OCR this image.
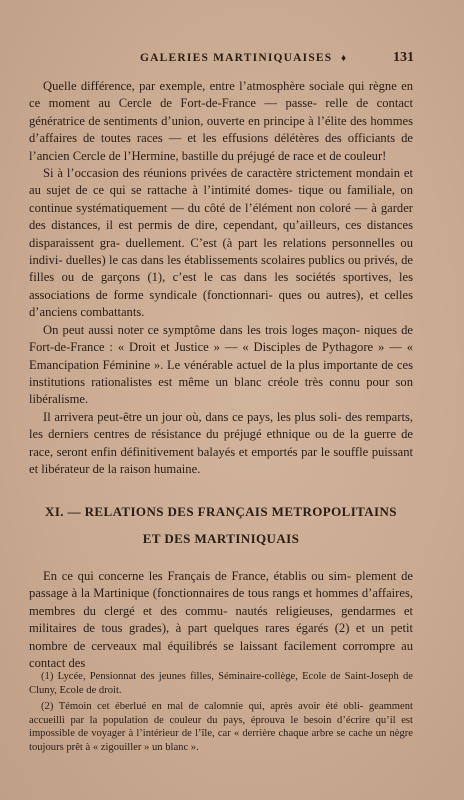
GALERIES MARTINIQUAISES ♦	131

Quelle différence, par exemple, entre l’atmosphère sociale qui règne en ce moment au Cercle de Fort-de-France — passe- relle de contact génératrice de sentiments d’union, ouverte en principe à l’élite des hommes d’affaires de toutes races — et les effusions délétères des officiants de l’ancien Cercle de l’Hermine, bastille du préjugé de race et de couleur!

Si à l’occasion des réunions privées de caractère strictement mondain et au sujet de ce qui se rattache à l’intimité domes- tique ou familiale, on continue systématiquement — du côté de l’élément non coloré — à garder des distances, il est permis de dire, cependant, qu’ailleurs, ces distances disparaissent gra- duellement. C’est (à part les relations personnelles ou indivi- duelles) le cas dans les établissements scolaires publics ou privés, de filles ou de garçons (1), c’est le cas dans les sociétés sportives, les associations de forme syndicale (fonctionnari- ques ou autres), et celles d’anciens combattants.

On peut aussi noter ce symptôme dans les trois loges maçon- niques de Fort-de-France : « Droit et Justice » — « Disciples de Pythagore » — « Emancipation Féminine ». Le vénérable actuel de la plus importante de ces institutions rationalistes est même un blanc créole très connu pour son libéralisme.

Il arrivera peut-être un jour où, dans ce pays, les plus soli- des remparts, les derniers centres de résistance du préjugé ethnique ou de la guerre de race, seront enfin définitivement balayés et emportés par le souffle puissant et libérateur de la raison humaine.

XI. — RELATIONS DES FRANÇAIS METROPOLITAINS
ET DES MARTINIQUAIS

En ce qui concerne les Français de France, établis ou sim- plement de passage à la Martinique (fonctionnaires de tous rangs et hommes d’affaires, membres du clergé et des commu- nautés religieuses, gendarmes et militaires de tous grades), à part quelques rares égarés (2) et un petit nombre de cerveaux mal équilibrés se laissant facilement corrompre au contact des

(1) Lycée, Pensionnat des jeunes filles, Séminaire-collège, Ecole de Saint-Joseph de Cluny, Ecole de droit.

(2) Témoin cet éberlué en mal de calomnie qui, après avoir été obli- geamment accueilli par la population de couleur du pays, éprouva le besoin d’écrire qu’il est impossible de voyager à l’intérieur de l’île, car « derrière chaque arbre se cache un nègre toujours prêt à « zigouiller » un blanc ».
